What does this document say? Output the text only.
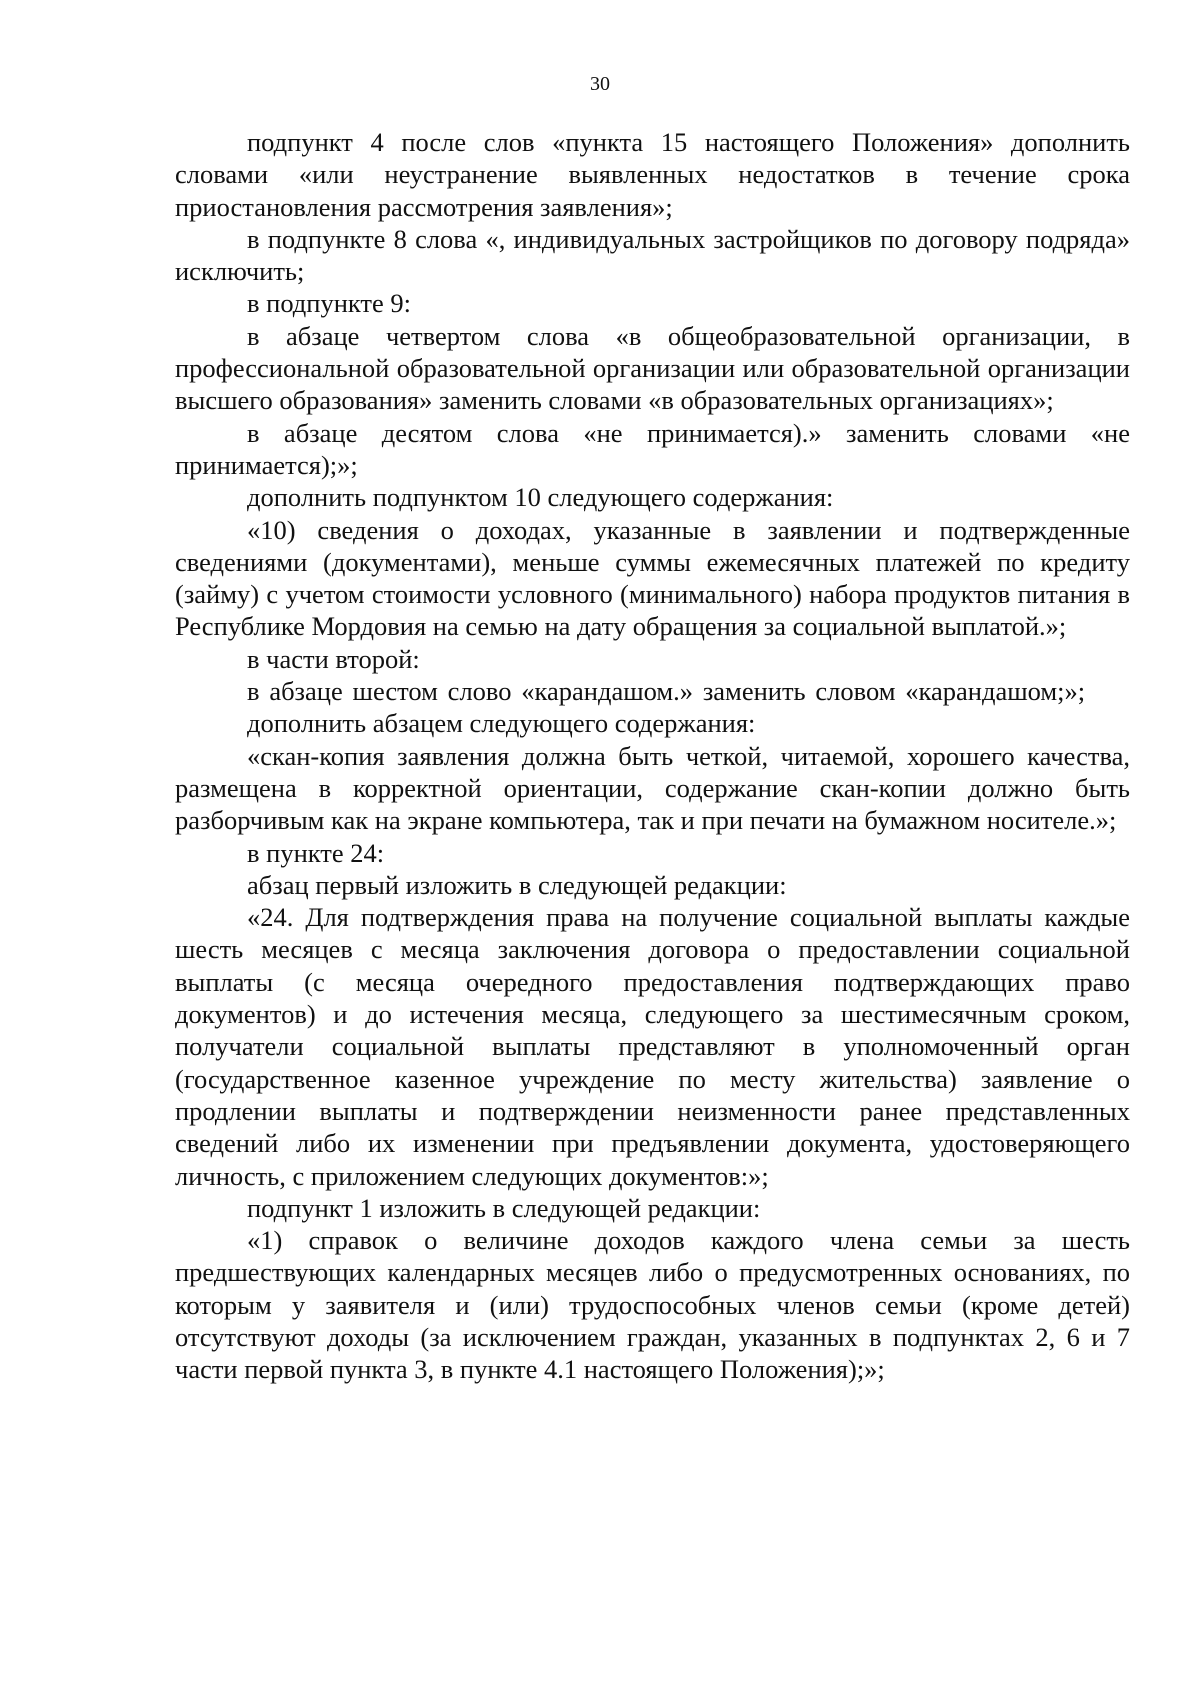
30

подпункт 4 после слов «пункта 15 настоящего Положения» дополнить словами «или неустранение выявленных недостатков в течение срока приостановления рассмотрения заявления»;

в подпункте 8 слова «, индивидуальных застройщиков по договору подряда» исключить;

в подпункте 9:

в абзаце четвертом слова «в общеобразовательной организации, в профессиональной образовательной организации или образовательной организации высшего образования» заменить словами «в образовательных организациях»;

в абзаце десятом слова «не принимается).» заменить словами «не принимается);»;

дополнить подпунктом 10 следующего содержания:

«10) сведения о доходах, указанные в заявлении и подтвержденные сведениями (документами), меньше суммы ежемесячных платежей по кредиту (займу) с учетом стоимости условного (минимального) набора продуктов питания в Республике Мордовия на семью на дату обращения за социальной выплатой.»;

в части второй:

в абзаце шестом слово «карандашом.» заменить словом «карандашом;»;

дополнить абзацем следующего содержания:

«скан-копия заявления должна быть четкой, читаемой, хорошего качества, размещена в корректной ориентации, содержание скан-копии должно быть разборчивым как на экране компьютера, так и при печати на бумажном носителе.»;

в пункте 24:

абзац первый изложить в следующей редакции:

«24. Для подтверждения права на получение социальной выплаты каждые шесть месяцев с месяца заключения договора о предоставлении социальной выплаты (с месяца очередного предоставления подтверждающих право документов) и до истечения месяца, следующего за шестимесячным сроком, получатели социальной выплаты представляют в уполномоченный орган (государственное казенное учреждение по месту жительства) заявление о продлении выплаты и подтверждении неизменности ранее представленных сведений либо их изменении при предъявлении документа, удостоверяющего личность, с приложением следующих документов:»;

подпункт 1 изложить в следующей редакции:

«1) справок о величине доходов каждого члена семьи за шесть предшествующих календарных месяцев либо о предусмотренных основаниях, по которым у заявителя и (или) трудоспособных членов семьи (кроме детей) отсутствуют доходы (за исключением граждан, указанных в подпунктах 2, 6 и 7 части первой пункта 3, в пункте 4.1 настоящего Положения);»;
